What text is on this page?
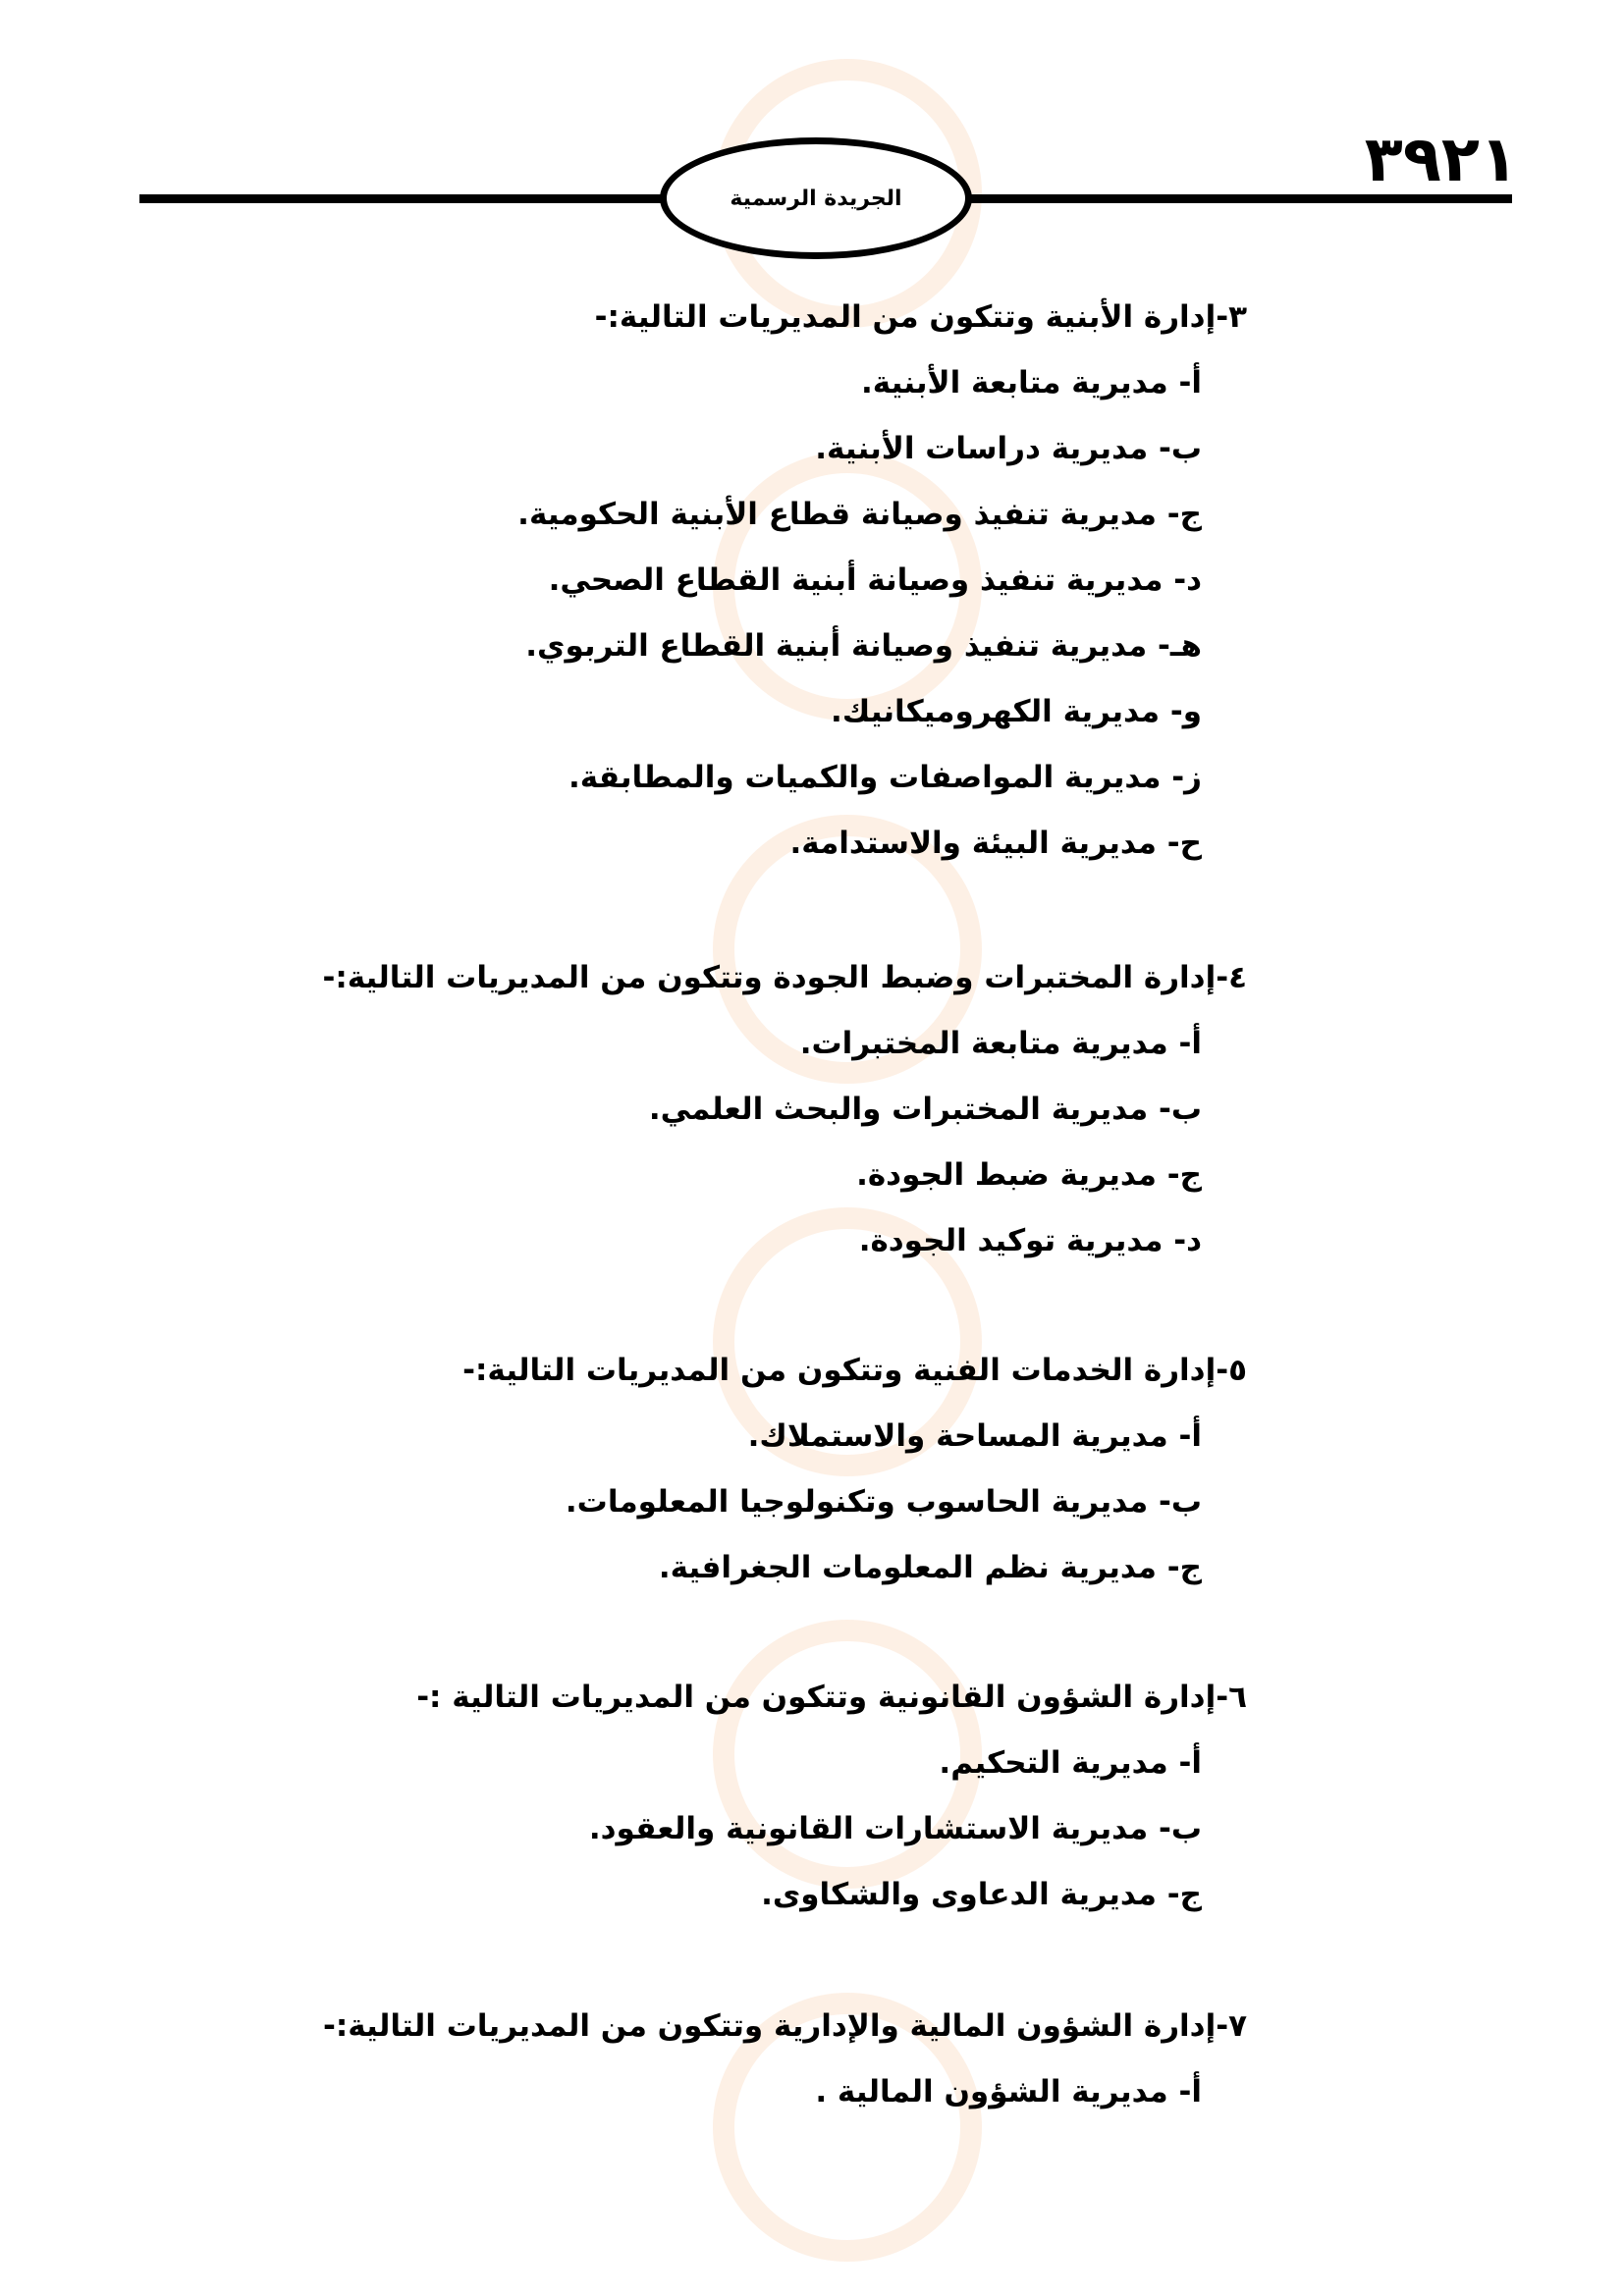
الجريدة الرسمية
٣٩٢١
٣-إدارة الأبنية وتتكون من المديريات التالية:-
أ- مديرية متابعة الأبنية.
ب- مديرية دراسات الأبنية.
ج- مديرية تنفيذ وصيانة قطاع الأبنية الحكومية.
د- مديرية تنفيذ وصيانة أبنية القطاع الصحي.
هـ- مديرية تنفيذ وصيانة أبنية القطاع التربوي.
و- مديرية الكهروميكانيك.
ز- مديرية المواصفات والكميات والمطابقة.
ح- مديرية البيئة والاستدامة.
٤-إدارة المختبرات وضبط الجودة وتتكون من المديريات التالية:-
أ- مديرية متابعة المختبرات.
ب- مديرية المختبرات والبحث العلمي.
ج- مديرية ضبط الجودة.
د- مديرية توكيد الجودة.
٥-إدارة الخدمات الفنية وتتكون من المديريات التالية:-
أ- مديرية المساحة والاستملاك.
ب- مديرية الحاسوب وتكنولوجيا المعلومات.
ج- مديرية نظم المعلومات الجغرافية.
٦-إدارة الشؤون القانونية وتتكون من المديريات التالية :-
أ- مديرية التحكيم.
ب- مديرية الاستشارات القانونية والعقود.
ج- مديرية الدعاوى والشكاوى.
٧-إدارة الشؤون المالية والإدارية وتتكون من المديريات التالية:-
أ- مديرية الشؤون المالية .
